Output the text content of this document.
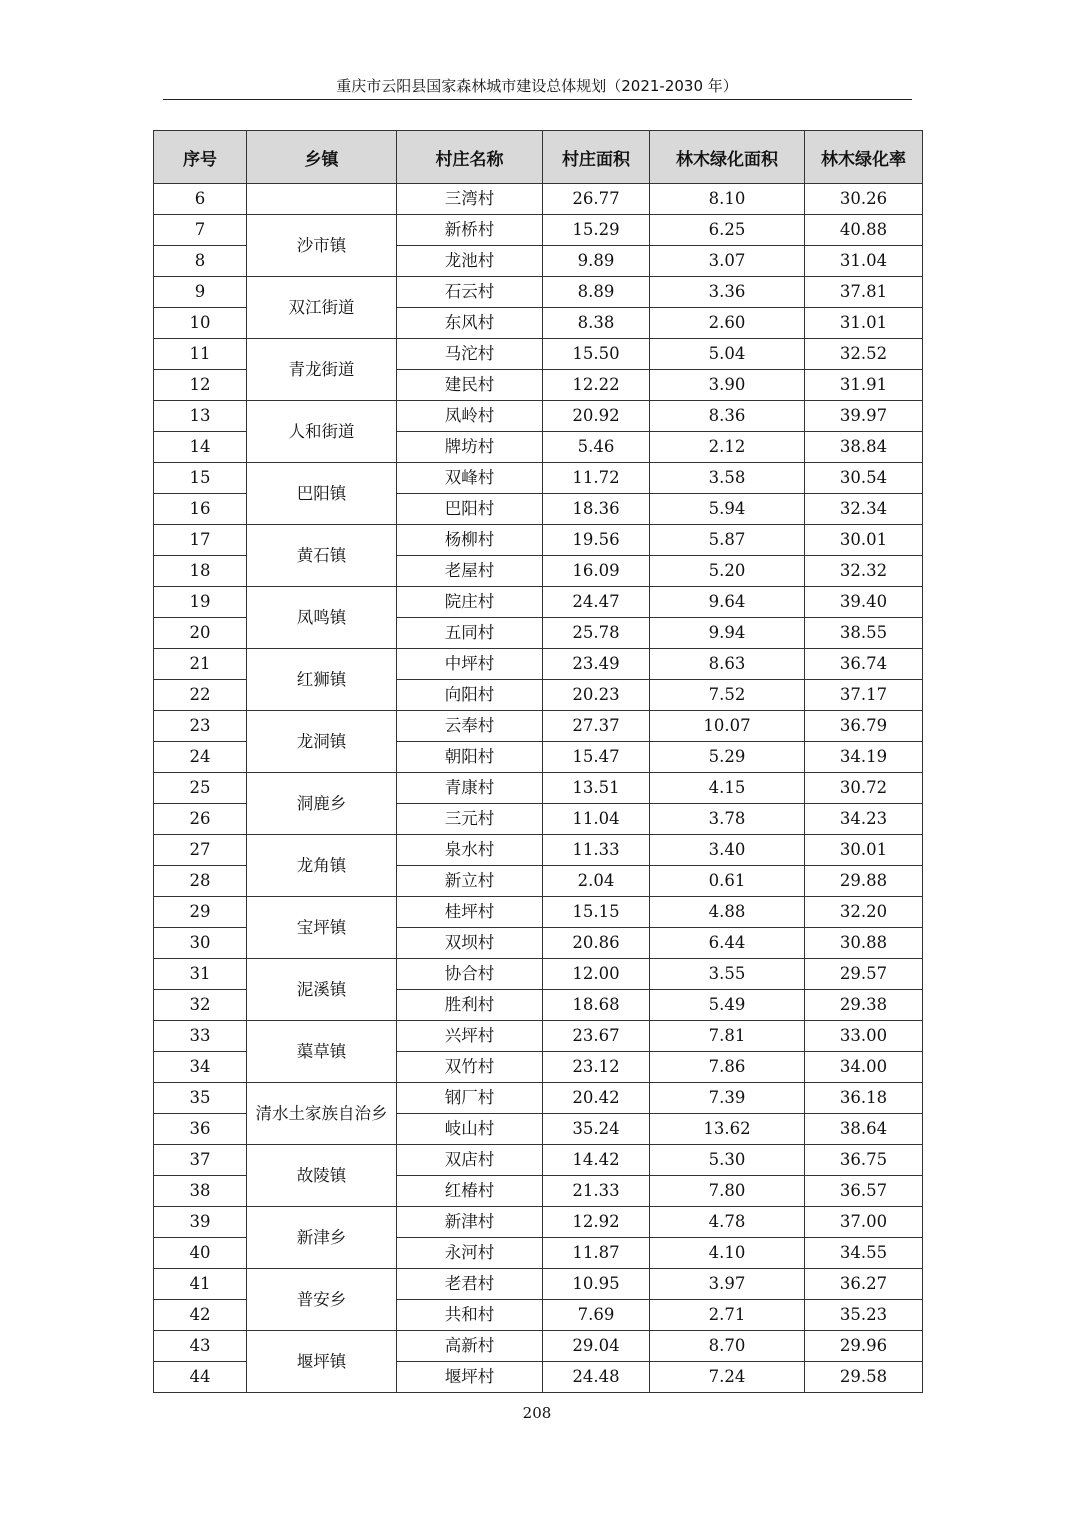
重庆市云阳县国家森林城市建设总体规划（2021-2030 年）
序号	乡镇	村庄名称	村庄面积	林木绿化面积	林木绿化率
6		三湾村	26.77	8.10	30.26
7	沙市镇	新桥村	15.29	6.25	40.88
8		龙池村	9.89	3.07	31.04
9	双江街道	石云村	8.89	3.36	37.81
10		东风村	8.38	2.60	31.01
11	青龙街道	马沱村	15.50	5.04	32.52
12		建民村	12.22	3.90	31.91
13	人和街道	凤岭村	20.92	8.36	39.97
14		牌坊村	5.46	2.12	38.84
15	巴阳镇	双峰村	11.72	3.58	30.54
16		巴阳村	18.36	5.94	32.34
17	黄石镇	杨柳村	19.56	5.87	30.01
18		老屋村	16.09	5.20	32.32
19	凤鸣镇	院庄村	24.47	9.64	39.40
20		五同村	25.78	9.94	38.55
21	红狮镇	中坪村	23.49	8.63	36.74
22		向阳村	20.23	7.52	37.17
23	龙洞镇	云奉村	27.37	10.07	36.79
24		朝阳村	15.47	5.29	34.19
25	洞鹿乡	青康村	13.51	4.15	30.72
26		三元村	11.04	3.78	34.23
27	龙角镇	泉水村	11.33	3.40	30.01
28		新立村	2.04	0.61	29.88
29	宝坪镇	桂坪村	15.15	4.88	32.20
30		双坝村	20.86	6.44	30.88
31	泥溪镇	协合村	12.00	3.55	29.57
32		胜利村	18.68	5.49	29.38
33	蕖草镇	兴坪村	23.67	7.81	33.00
34		双竹村	23.12	7.86	34.00
35	清水土家族自治乡	钢厂村	20.42	7.39	36.18
36		岐山村	35.24	13.62	38.64
37	故陵镇	双店村	14.42	5.30	36.75
38		红椿村	21.33	7.80	36.57
39	新津乡	新津村	12.92	4.78	37.00
40		永河村	11.87	4.10	34.55
41	普安乡	老君村	10.95	3.97	36.27
42		共和村	7.69	2.71	35.23
43	堰坪镇	高新村	29.04	8.70	29.96
44		堰坪村	24.48	7.24	29.58
208
